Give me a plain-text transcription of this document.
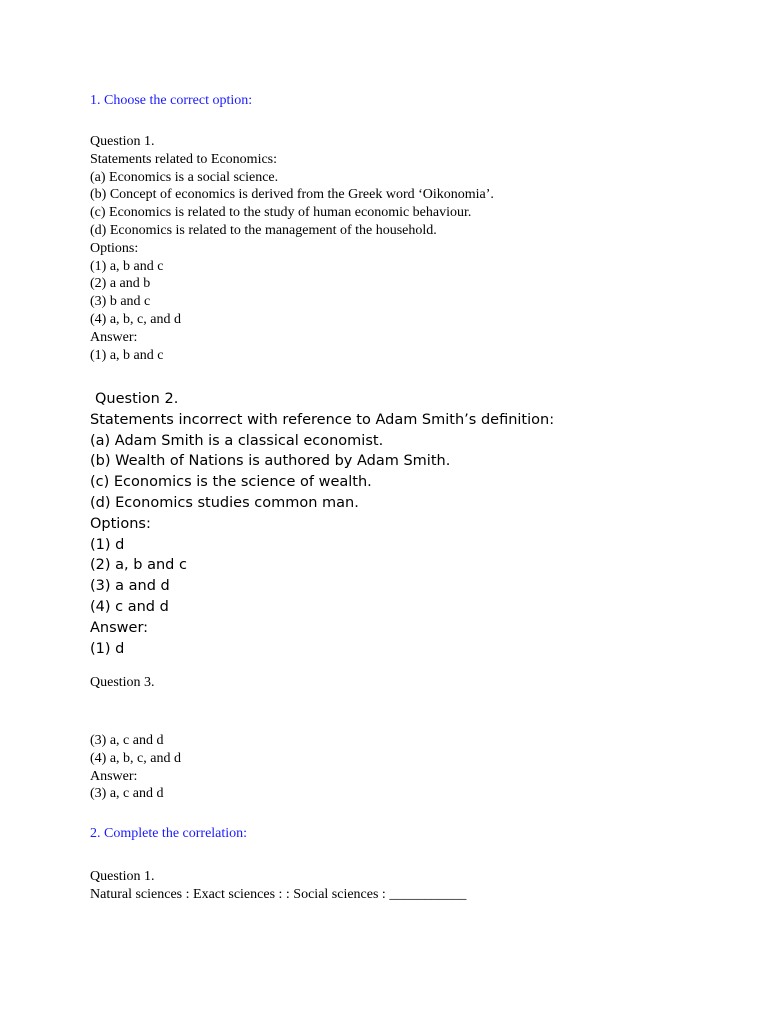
1. Choose the correct option:
Question 1.
Statements related to Economics:
(a) Economics is a social science.
(b) Concept of economics is derived from the Greek word ‘Oikonomia’.
(c) Economics is related to the study of human economic behaviour.
(d) Economics is related to the management of the household.
Options:
(1) a, b and c
(2) a and b
(3) b and c
(4) a, b, c, and d
Answer:
(1) a, b and c
Question 2.
Statements incorrect with reference to Adam Smith’s definition:
(a) Adam Smith is a classical economist.
(b) Wealth of Nations is authored by Adam Smith.
(c) Economics is the science of wealth.
(d) Economics studies common man.
Options:
(1) d
(2) a, b and c
(3) a and d
(4) c and d
Answer:
(1) d
Question 3.
(3) a, c and d
(4) a, b, c, and d
Answer:
(3) a, c and d
2. Complete the correlation:
Question 1.
Natural sciences : Exact sciences : : Social sciences : ___________
